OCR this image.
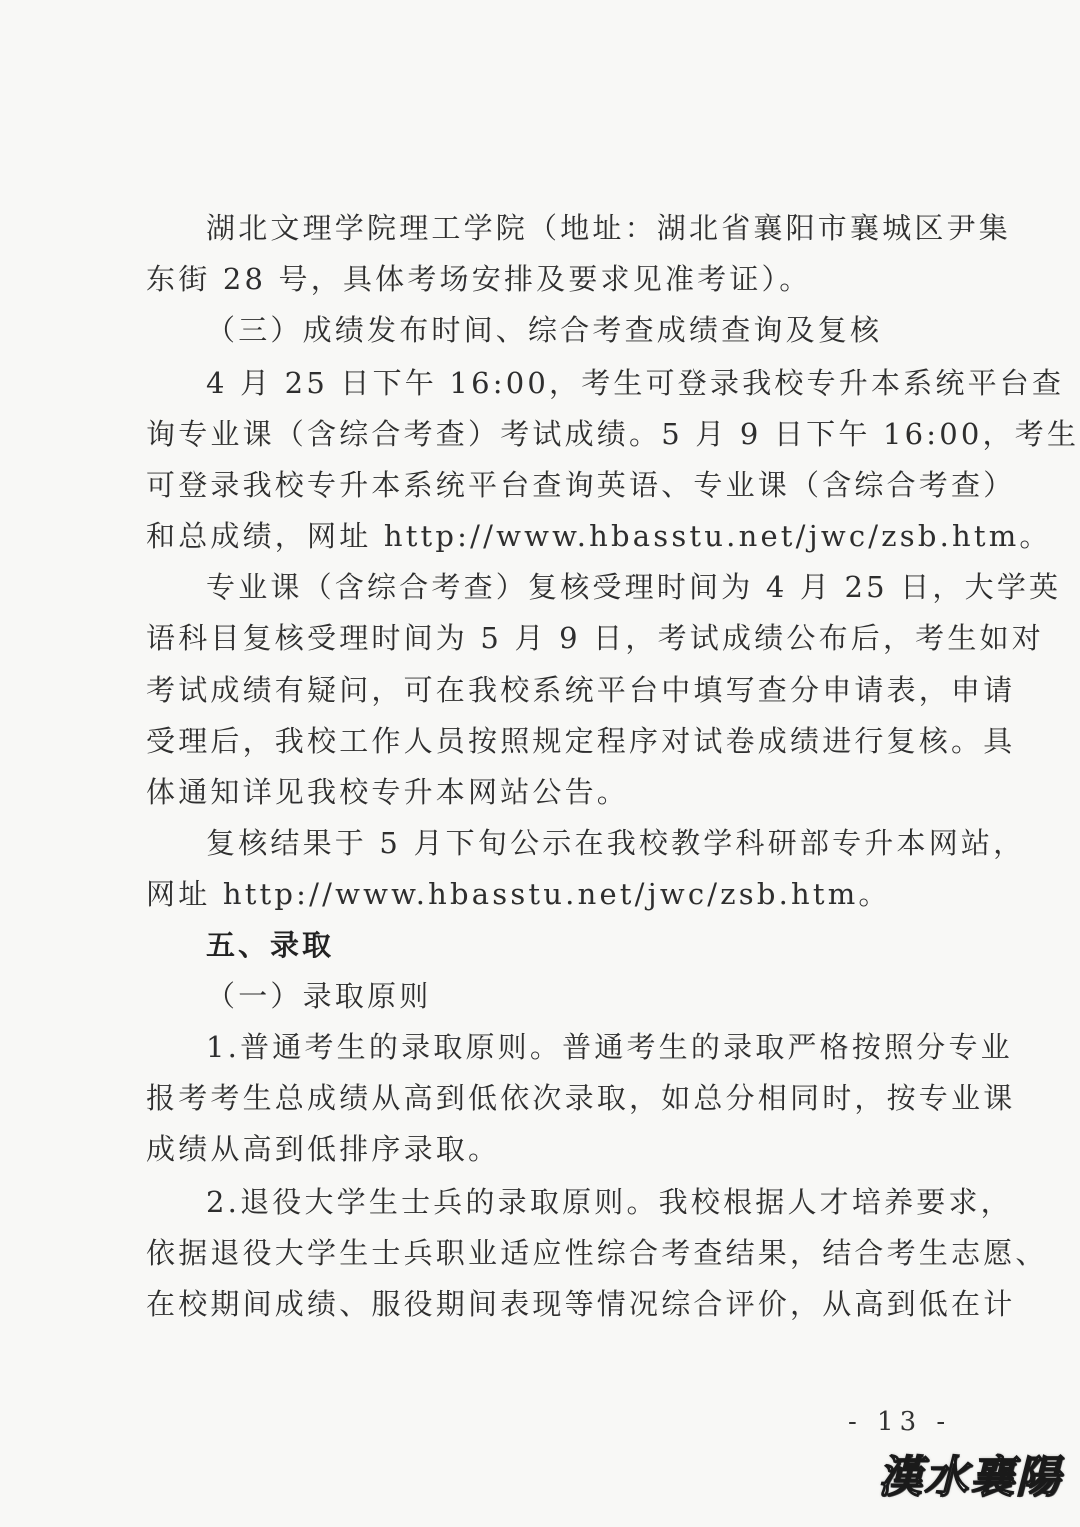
湖北文理学院理工学院（地址：湖北省襄阳市襄城区尹集
东街 28 号，具体考场安排及要求见准考证）。
（三）成绩发布时间、综合考查成绩查询及复核
4 月 25 日下午 16:00，考生可登录我校专升本系统平台查
询专业课（含综合考查）考试成绩。5 月 9 日下午 16:00，考生
可登录我校专升本系统平台查询英语、专业课（含综合考查）
和总成绩，网址 http://www.hbasstu.net/jwc/zsb.htm。
专业课（含综合考查）复核受理时间为 4 月 25 日，大学英
语科目复核受理时间为 5 月 9 日，考试成绩公布后，考生如对
考试成绩有疑问，可在我校系统平台中填写查分申请表，申请
受理后，我校工作人员按照规定程序对试卷成绩进行复核。具
体通知详见我校专升本网站公告。
复核结果于 5 月下旬公示在我校教学科研部专升本网站，
网址 http://www.hbasstu.net/jwc/zsb.htm。
五、录取
（一）录取原则
1.普通考生的录取原则。普通考生的录取严格按照分专业
报考考生总成绩从高到低依次录取，如总分相同时，按专业课
成绩从高到低排序录取。
2.退役大学生士兵的录取原则。我校根据人才培养要求，
依据退役大学生士兵职业适应性综合考查结果，结合考生志愿、
在校期间成绩、服役期间表现等情况综合评价，从高到低在计
- 13 -
漢水襄陽
